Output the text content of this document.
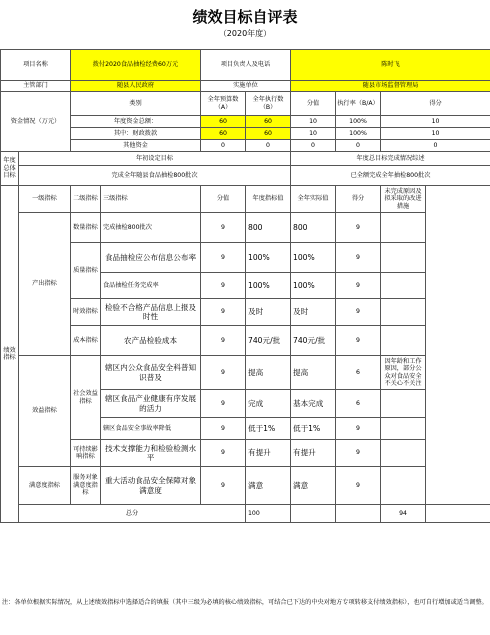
绩效目标自评表
（2020年度）
项目名称		拨付2020食品抽检经费60万元		项目负责人及电话		陈时飞			
主管部门		随县人民政府		实施单位		随县市场监督管理局			
资金情况（万元）		类别		全年预算数（A）	全年执行数（B）	分值	执行率（B/A）	得分	
		年度资金总额：		60	60	10	100%	10	
		其中：财政拨款		60	60	10	100%	10	
		其他资金		0	0	0	0	0	
年度总体目标	年初设定目标					年度总目标完成情况综述			
	完成全年随县食品抽检800批次					已全额完成全年抽检800批次			
绩效指标	一级指标	二级指标	三级指标	分值	年度指标值	全年实际值	得分	未完成原因及拟采取的改进措施	
	产出指标	数量指标	完成抽检800批次	9	800	800	9		
		质量指标	食品抽检应公布信息公布率	9	100%	100%	9		
			食品抽检任务完成率	9	100%	100%	9		
		时效指标	检验不合格产品信息上报及时性	9	及时	及时	9		
		成本指标	农产品检验成本	9	740元/批	740元/批	9		
	效益指标	社会效益指标	辖区内公众食品安全科普知识普及	9	提高	提高	6	因年龄和工作原因，部分公众对食品安全不关心不关注	
			辖区食品产业健康有序发展的活力	9	完成	基本完成	6		
			辖区食品安全事故率降低	9	低于1%	低于1%	9		
		可持续影响指标	技术支撑能力和检验检测水平	9	有提升	有提升	9		
	满意度指标	服务对象满意度指标	重大活动食品安全保障对象满意度	9	满意	满意	9		
	总分				100			94	
注：各单位根据实际情况，从上述绩效指标中选择适合的填报（其中三级为必填的核心绩效指标，可结合已下达的中央对地方专项转移支付绩效指标），也可自行增加或适当调整。
